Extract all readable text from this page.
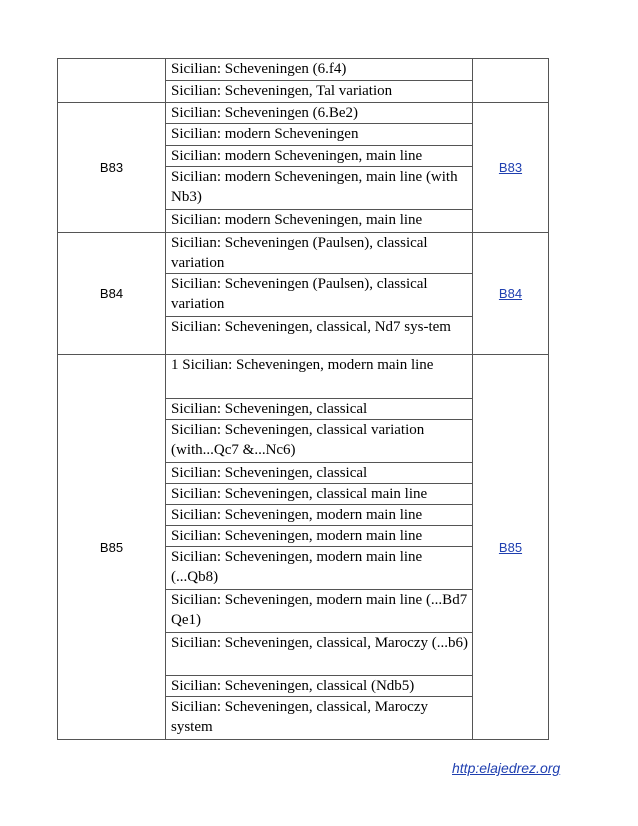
Sicilian: Scheveningen (6.f4)
Sicilian: Scheveningen, Tal variation
B83
Sicilian: Scheveningen (6.Be2)
Sicilian: modern Scheveningen
Sicilian: modern Scheveningen, main line
Sicilian: modern Scheveningen, main line (with Nb3)
Sicilian: modern Scheveningen, main line
B83
B84
Sicilian: Scheveningen (Paulsen), classical variation
Sicilian: Scheveningen (Paulsen), classical variation
Sicilian: Scheveningen, classical, Nd7 sys-tem
B84
B85
1 Sicilian: Scheveningen, modern main line
Sicilian: Scheveningen, classical
Sicilian: Scheveningen, classical variation (with...Qc7 &...Nc6)
Sicilian: Scheveningen, classical
Sicilian: Scheveningen, classical main line
Sicilian: Scheveningen, modern main line
Sicilian: Scheveningen, modern main line
Sicilian: Scheveningen, modern main line (...Qb8)
Sicilian: Scheveningen, modern main line (...Bd7 Qe1)
Sicilian: Scheveningen, classical, Maroczy (...b6)
Sicilian: Scheveningen, classical (Ndb5)
Sicilian: Scheveningen, classical, Maroczy system
B85
http:elajedrez.org
